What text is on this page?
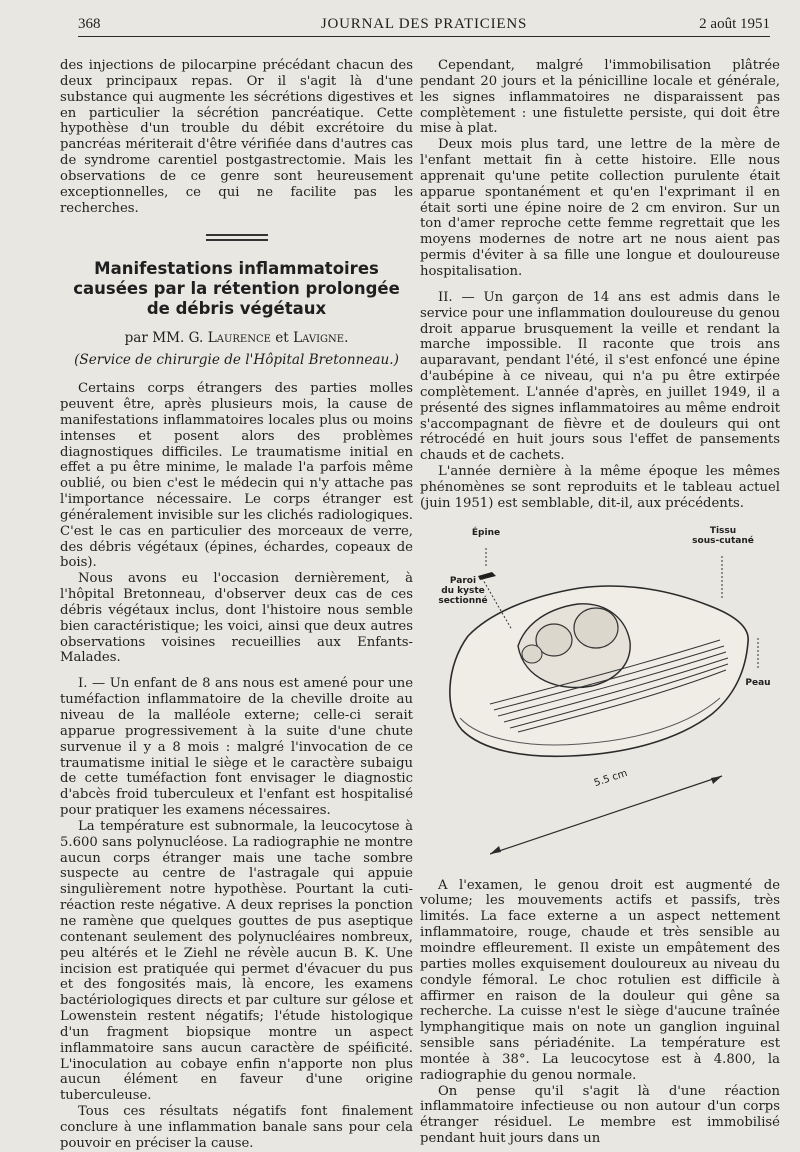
368	JOURNAL DES PRATICIENS	2 août 1951

des injections de pilocarpine précédant chacun des deux principaux repas. Or il s'agit là d'une substance qui augmente les sécrétions digestives et en particulier la sécrétion pancréatique. Cette hypothèse d'un trouble du débit excrétoire du pancréas mériterait d'être vérifiée dans d'autres cas de syndrome carentiel postgastrectomie. Mais les observations de ce genre sont heureusement exceptionnelles, ce qui ne facilite pas les recherches.

Manifestations inflammatoires
causées par la rétention prolongée
de débris végétaux
par MM. G. Laurence et Lavigne.
(Service de chirurgie de l'Hôpital Bretonneau.)

Certains corps étrangers des parties molles peuvent être, après plusieurs mois, la cause de manifestations inflammatoires locales plus ou moins intenses et posent alors des problèmes diagnostiques difficiles. Le traumatisme initial en effet a pu être minime, le malade l'a parfois même oublié, ou bien c'est le médecin qui n'y attache pas l'importance nécessaire. Le corps étranger est généralement invisible sur les clichés radiologiques. C'est le cas en particulier des morceaux de verre, des débris végétaux (épines, échardes, copeaux de bois).

Nous avons eu l'occasion dernièrement, à l'hôpital Bretonneau, d'observer deux cas de ces débris végétaux inclus, dont l'histoire nous semble bien caractéristique; les voici, ainsi que deux autres observations voisines recueillies aux Enfants-Malades.

I. — Un enfant de 8 ans nous est amené pour une tuméfaction inflammatoire de la cheville droite au niveau de la malléole externe; celle-ci serait apparue progressivement à la suite d'une chute survenue il y a 8 mois : malgré l'invocation de ce traumatisme initial le siège et le caractère subaigu de cette tuméfaction font envisager le diagnostic d'abcès froid tuberculeux et l'enfant est hospitalisé pour pratiquer les examens nécessaires.

La température est subnormale, la leucocytose à 5.600 sans polynucléose. La radiographie ne montre aucun corps étranger mais une tache sombre suspecte au centre de l'astragale qui appuie singulièrement notre hypothèse. Pourtant la cuti-réaction reste négative. A deux reprises la ponction ne ramène que quelques gouttes de pus aseptique contenant seulement des polynucléaires nombreux, peu altérés et le Ziehl ne révèle aucun B. K. Une incision est pratiquée qui permet d'évacuer du pus et des fongosités mais, là encore, les examens bactériologiques directs et par culture sur gélose et Lowenstein restent négatifs; l'étude histologique d'un fragment biopsique montre un aspect inflammatoire sans aucun caractère de spéificité. L'inoculation au cobaye enfin n'apporte non plus aucun élément en faveur d'une origine tuberculeuse.

Tous ces résultats négatifs font finalement conclure à une inflammation banale sans pour cela pouvoir en préciser la cause.

Cependant, malgré l'immobilisation plâtrée pendant 20 jours et la pénicilline locale et générale, les signes inflammatoires ne disparaissent pas complètement : une fistulette persiste, qui doit être mise à plat.

Deux mois plus tard, une lettre de la mère de l'enfant mettait fin à cette histoire. Elle nous apprenait qu'une petite collection purulente était apparue spontanément et qu'en l'exprimant il en était sorti une épine noire de 2 cm environ. Sur un ton d'amer reproche cette femme regrettait que les moyens modernes de notre art ne nous aient pas permis d'éviter à sa fille une longue et douloureuse hospitalisation.

II. — Un garçon de 14 ans est admis dans le service pour une inflammation douloureuse du genou droit apparue brusquement la veille et rendant la marche impossible. Il raconte que trois ans auparavant, pendant l'été, il s'est enfoncé une épine d'aubépine à ce niveau, qui n'a pu être extirpée complètement. L'année d'après, en juillet 1949, il a présenté des signes inflammatoires au même endroit s'accompagnant de fièvre et de douleurs qui ont rétrocédé en huit jours sous l'effet de pansements chauds et de cachets.

L'année dernière à la même époque les mêmes phénomènes se sont reproduits et le tableau actuel (juin 1951) est semblable, dit-il, aux précédents.

Épine
Paroi
du kyste
sectionné
Tissu
sous-cutané
Peau
5.5 cm

A l'examen, le genou droit est augmenté de volume; les mouvements actifs et passifs, très limités. La face externe a un aspect nettement inflammatoire, rouge, chaude et très sensible au moindre effleurement. Il existe un empâtement des parties molles exquisement douloureux au niveau du condyle fémoral. Le choc rotulien est difficile à affirmer en raison de la douleur qui gêne sa recherche. La cuisse n'est le siège d'aucune traînée lymphangitique mais on note un ganglion inguinal sensible sans périadénite. La température est montée à 38°. La leucocytose est à 4.800, la radiographie du genou normale.

On pense qu'il s'agit là d'une réaction inflammatoire infectieuse ou non autour d'un corps étranger résiduel. Le membre est immobilisé pendant huit jours dans un
